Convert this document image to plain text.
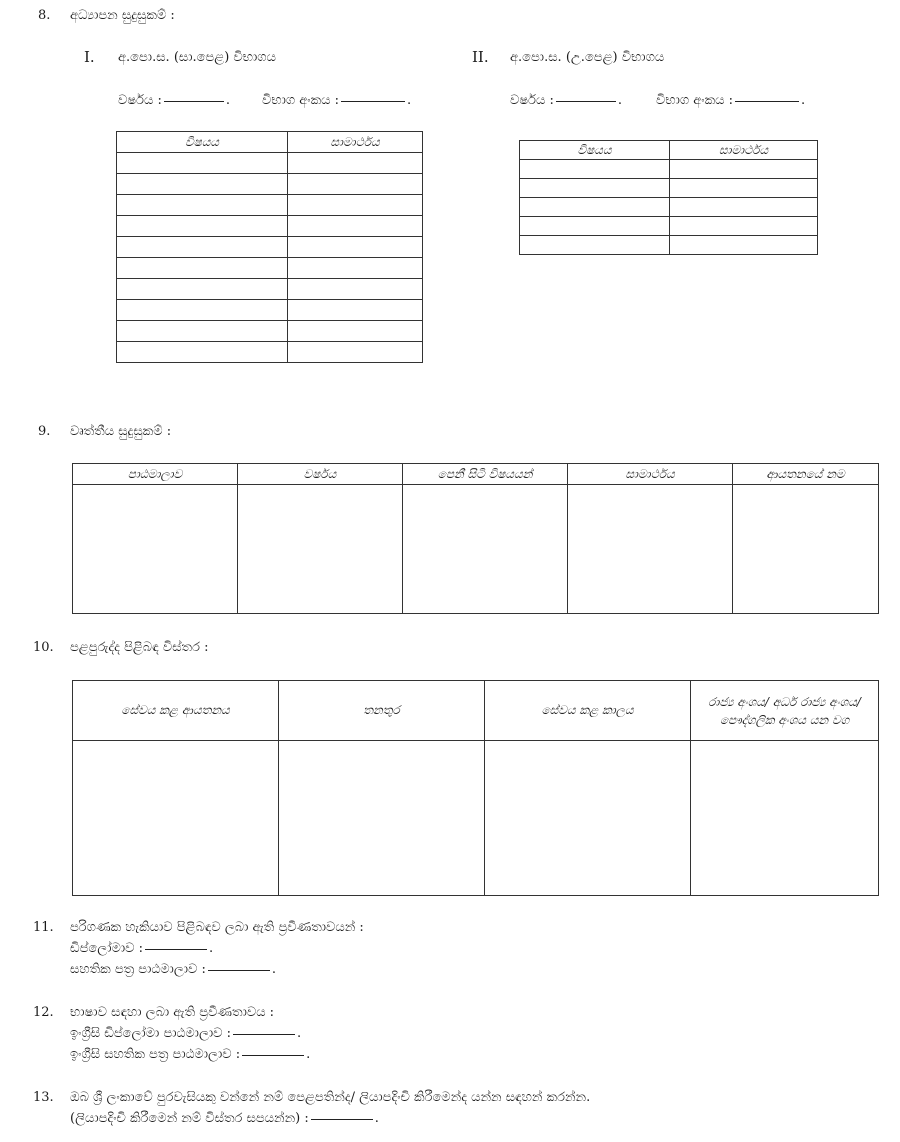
8. අධ්‍යාපන සුදුසුකම් :
I. අ.පො.ස. (සා.පෙළ) විභාගය
වර්ෂය :	. විභාග අංකය :	.
විෂයය	සාමාර්ථය

II. අ.පො.ස. (උ.පෙළ) විභාගය
වර්ෂය :	.	විභාග අංකය :	.
විෂයය	සාමාර්ථය

9. වෘත්තීය සුදුසුකම් :
පාඨමාලාව	වර්ෂය	පෙනී සිටි විෂයයන්	සාමාර්ථය	ආයතනයේ නම

10. පළපුරුද්ද පිළිබඳ විස්තර :
සේවය කළ ආයතනය	තනතුර	සේවය කළ කාලය	රාජ්‍ය අංශය/ අර්ධ රාජ්‍ය අංශය/ පෞද්ගලික අංශය යන වග

11. පරිගණක හැකියාව පිළිබඳව ලබා ඇති ප්‍රවීණතාවයන් :
ඩිප්ලෝමාව :	.
සහතික පත්‍ර පාඨමාලාව :	.
12. භාෂාව සඳහා ලබා ඇති ප්‍රවීණතාවය :
ඉංග්‍රීසි ඩිප්ලෝමා පාඨමාලාව :	.
ඉංග්‍රීසි සහතික පත්‍ර පාඨමාලාව :	.
13. ඔබ ශ්‍රී ලංකාවේ පුරවැසියකු වන්නේ නම් පෙළපතින්ද/ ලියාපදිංචි කිරීමෙන්ද යන්න සඳහන් කරන්න.
(ලියාපදිංචි කිරීමෙන් නම් විස්තර සපයන්න) :	.
